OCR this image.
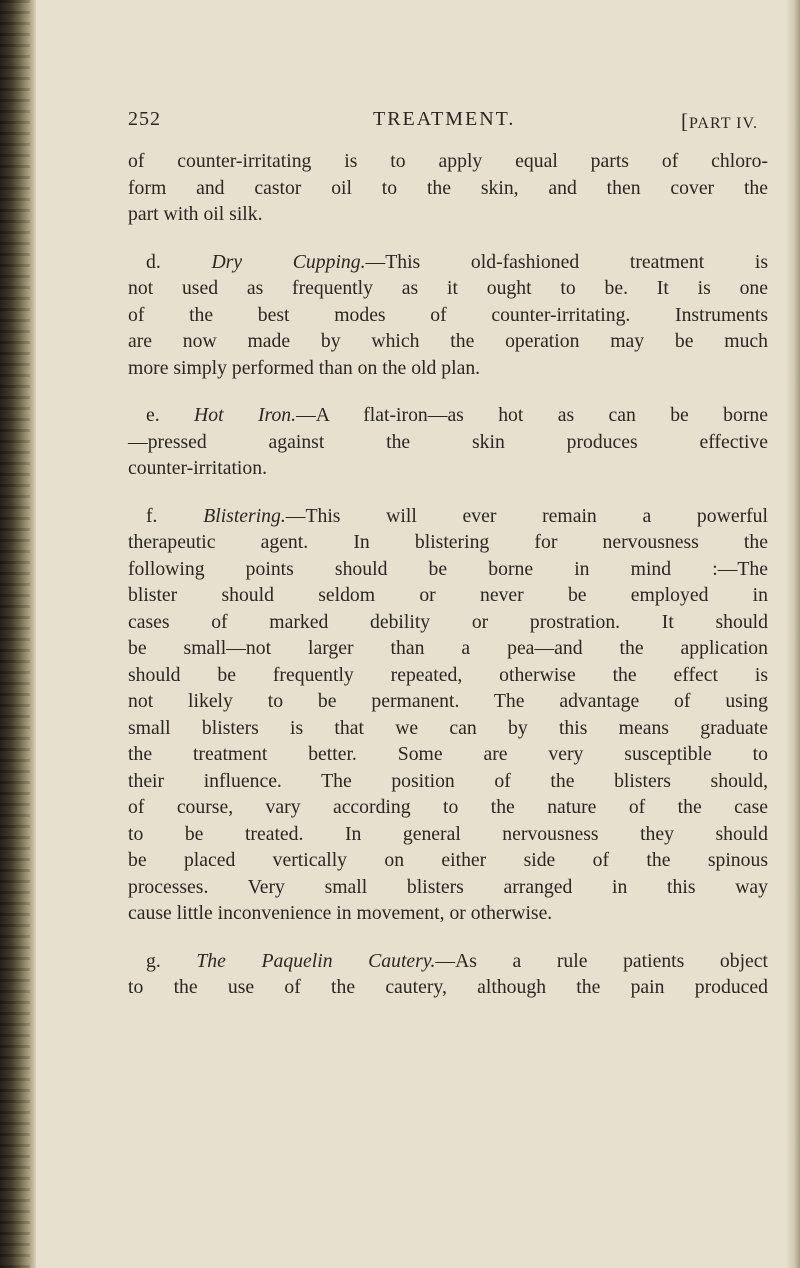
252	TREATMENT.	[PART IV.
of counter-irritating is to apply equal parts of chloro-
form and castor oil to the skin, and then cover the
part with oil silk.
d.	Dry Cupping.—This old-fashioned treatment is
not used as frequently as it ought to be. It is one
of the best modes of counter-irritating. Instruments
are now made by which the operation may be much
more simply performed than on the old plan.
e. Hot Iron.—A flat-iron—as hot as can be borne
—pressed against the skin produces effective
counter-irritation.
f. Blistering.—This will ever remain a powerful
therapeutic agent. In blistering for nervousness the
following points should be borne in mind :—The
blister should seldom or never be employed in
cases of marked debility or prostration. It should
be small—not larger than a pea—and the application
should be frequently repeated, otherwise the effect is
not likely to be permanent. The advantage of using
small blisters is that we can by this means graduate
the treatment better. Some are very susceptible to
their influence. The position of the blisters should,
of course, vary according to the nature of the case
to be treated. In general nervousness they should
be placed vertically on either side of the spinous
processes. Very small blisters arranged in this way
cause little inconvenience in movement, or otherwise.
g. The Paquelin Cautery.—As a rule patients object
to the use of the cautery, although the pain produced
